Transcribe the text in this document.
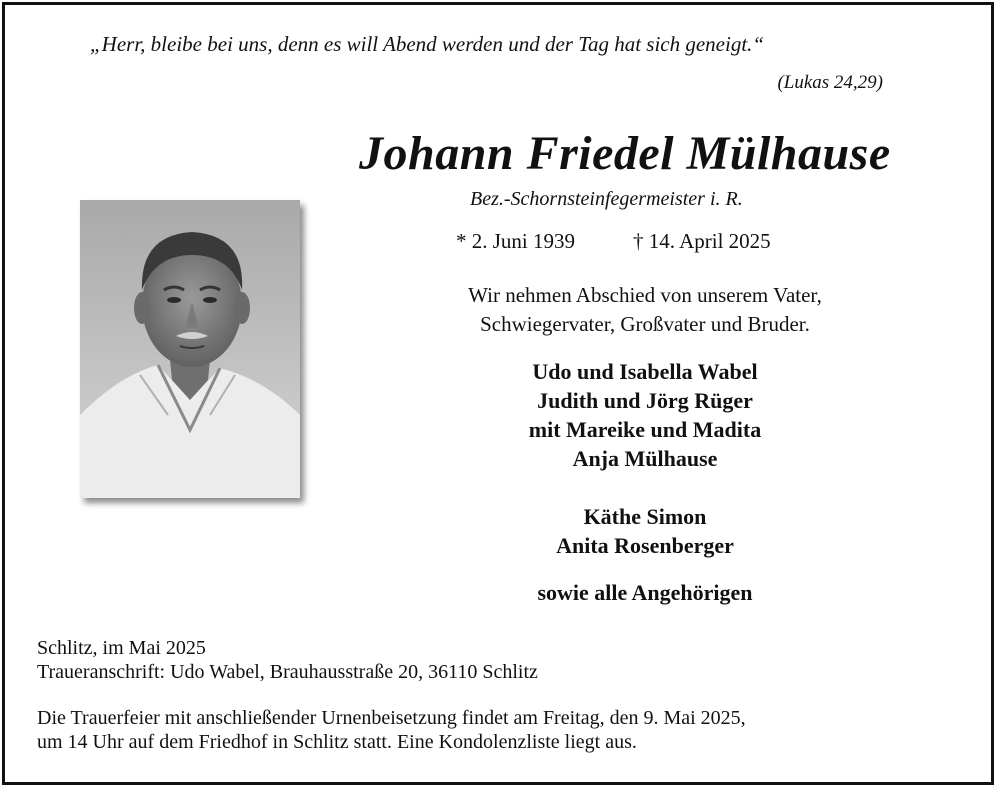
„Herr, bleibe bei uns, denn es will Abend werden und der Tag hat sich geneigt.“
(Lukas 24,29)
Johann Friedel Mülhause
Bez.-Schornsteinfegermeister i. R.
* 2. Juni 1939	† 14. April 2025
Wir nehmen Abschied von unserem Vater,
Schwiegervater, Großvater und Bruder.
Udo und Isabella Wabel
Judith und Jörg Rüger
mit Mareike und Madita
Anja Mülhause
Käthe Simon
Anita Rosenberger
sowie alle Angehörigen
Schlitz, im Mai 2025
Traueranschrift: Udo Wabel, Brauhausstraße 20, 36110 Schlitz
Die Trauerfeier mit anschließender Urnenbeisetzung findet am Freitag, den 9. Mai 2025,
um 14 Uhr auf dem Friedhof in Schlitz statt. Eine Kondolenzliste liegt aus.
